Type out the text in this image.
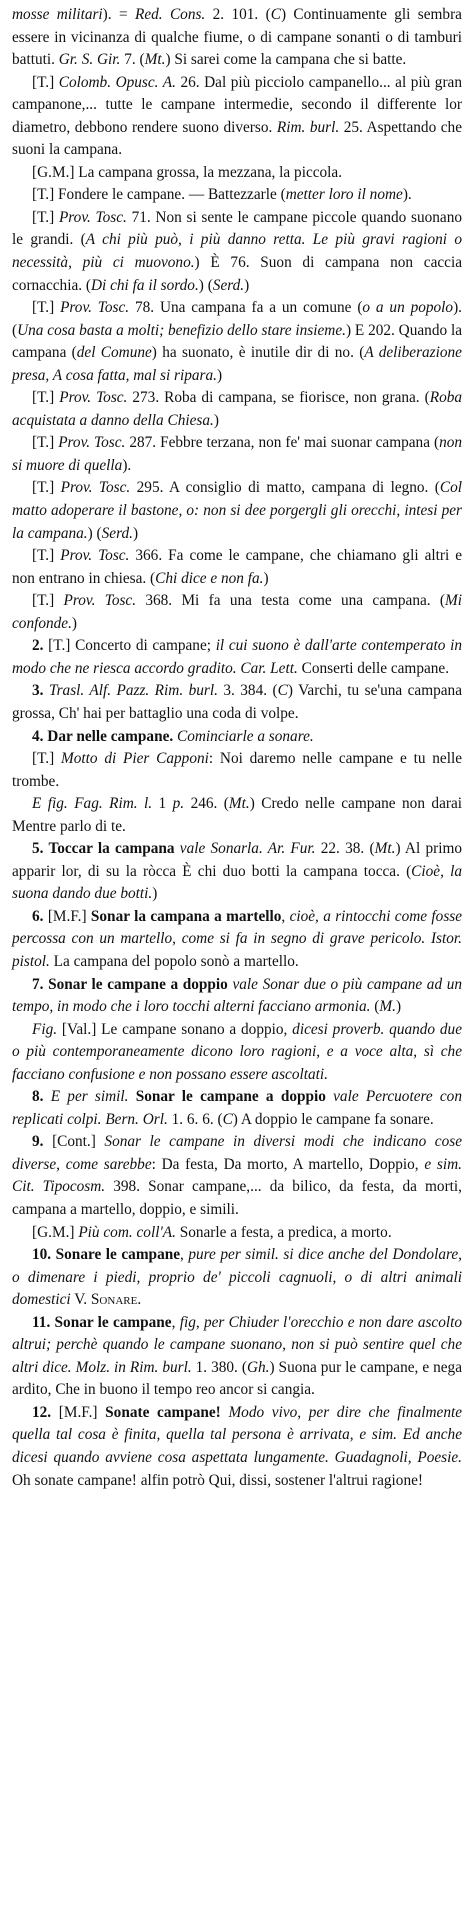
mosse militari). = Red. Cons. 2. 101. (C) Continuamente gli sembra essere in vicinanza di qualche fiume, o di campane sonanti o di tamburi battuti. Gr. S. Gir. 7. (Mt.) Si sarei come la campana che si batte.

[T.] Colomb. Opusc. A. 26. Dal più picciolo campanello... al più gran campanone,... tutte le campane intermedie, secondo il differente lor diametro, debbono rendere suono diverso. Rim. burl. 25. Aspettando che suoni la campana.

[G.M.] La campana grossa, la mezzana, la piccola.

[T.] Fondere le campane. — Battezzarle (metter loro il nome).

[T.] Prov. Tosc. 71. Non si sente le campane piccole quando suonano le grandi. (A chi più può, i più danno retta. Le più gravi ragioni o necessità, più ci muovono.) È 76. Suon di campana non caccia cornacchia. (Di chi fa il sordo.) (Serd.)

[T.] Prov. Tosc. 78. Una campana fa a un comune (o a un popolo). (Una cosa basta a molti; benefizio dello stare insieme.) E 202. Quando la campana (del Comune) ha suonato, è inutile dir di no. (A deliberazione presa, A cosa fatta, mal si ripara.)

[T.] Prov. Tosc. 273. Roba di campana, se fiorisce, non grana. (Roba acquistata a danno della Chiesa.)

[T.] Prov. Tosc. 287. Febbre terzana, non fe' mai suonar campana (non si muore di quella).

[T.] Prov. Tosc. 295. A consiglio di matto, campana di legno. (Col matto adoperare il bastone, o: non si dee porgergli gli orecchi, intesi per la campana.) (Serd.)

[T.] Prov. Tosc. 366. Fa come le campane, che chiamano gli altri e non entrano in chiesa. (Chi dice e non fa.)

[T.] Prov. Tosc. 368. Mi fa una testa come una campana. (Mi confonde.)

2. [T.] Concerto di campane; il cui suono è dall'arte contemperato in modo che ne riesca accordo gradito. Car. Lett. Conserti delle campane.

3. Trasl. Alf. Pazz. Rim. burl. 3. 384. (C) Varchi, tu se'una campana grossa, Ch' hai per battaglio una coda di volpe.

4. Dar nelle campane. Cominciarle a sonare.

[T.] Motto di Pier Capponi: Noi daremo nelle campane e tu nelle trombe.

E fig. Fag. Rim. l. 1 p. 246. (Mt.) Credo nelle campane non darai Mentre parlo di te.

5. Toccar la campana vale Sonarla. Ar. Fur. 22. 38. (Mt.) Al primo apparir lor, di su la ròcca È chi duo botti la campana tocca. (Cioè, la suona dando due botti.)

6. [M.F.] Sonar la campana a martello, cioè, a rintocchi come fosse percossa con un martello, come si fa in segno di grave pericolo. Istor. pistol. La campana del popolo sonò a martello.

7. Sonar le campane a doppio vale Sonar due o più campane ad un tempo, in modo che i loro tocchi alterni facciano armonia. (M.)

Fig. [Val.] Le campane sonano a doppio, dicesi proverb. quando due o più contemporaneamente dicono loro ragioni, e a voce alta, sì che facciano confusione e non possano essere ascoltati.

8. E per simil. Sonar le campane a doppio vale Percuotere con replicati colpi. Bern. Orl. 1. 6. 6. (C) A doppio le campane fa sonare.

9. [Cont.] Sonar le campane in diversi modi che indicano cose diverse, come sarebbe: Da festa, Da morto, A martello, Doppio, e sim. Cit. Tipocosm. 398. Sonar campane,... da bilico, da festa, da morti, campana a martello, doppio, e simili.

[G.M.] Più com. coll'A. Sonarle a festa, a predica, a morto.

10. Sonare le campane, pure per simil. si dice anche del Dondolare, o dimenare i piedi, proprio de' piccoli cagnuoli, o di altri animali domestici V. Sonare.

11. Sonar le campane, fig, per Chiuder l'orecchio e non dare ascolto altrui; perchè quando le campane suonano, non si può sentire quel che altri dice. Molz. in Rim. burl. 1. 380. (Gh.) Suona pur le campane, e nega ardito, Che in buono il tempo reo ancor si cangia.

12. [M.F.] Sonate campane! Modo vivo, per dire che finalmente quella tal cosa è finita, quella tal persona è arrivata, e sim. Ed anche dicesi quando avviene cosa aspettata lungamente. Guadagnoli, Poesie. Oh sonate campane! alfin potrò Qui, dissi, sostener l'altrui ragione!
